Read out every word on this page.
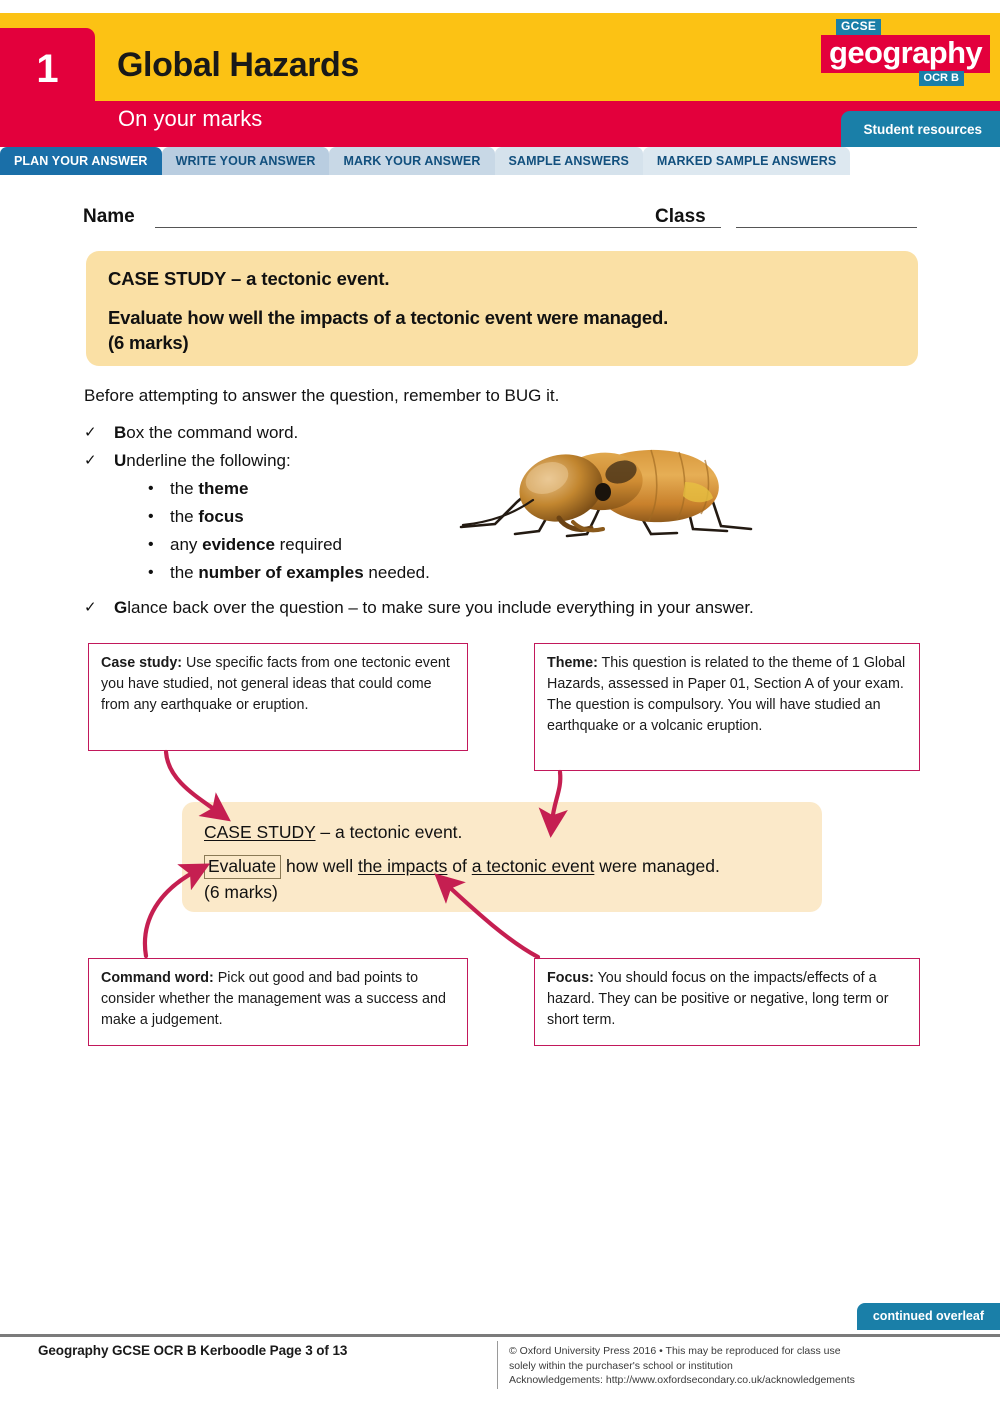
1 Global Hazards
On your marks
GCSE
geography
OCR B
Student resources
PLAN YOUR ANSWER WRITE YOUR ANSWER MARK YOUR ANSWER SAMPLE ANSWERS MARKED SAMPLE ANSWERS
Name	Class
CASE STUDY – a tectonic event.
Evaluate how well the impacts of a tectonic event were managed.
(6 marks)
Before attempting to answer the question, remember to BUG it.
✓	Box the command word.
✓	Underline the following:
• the theme
• the focus
• any evidence required
• the number of examples needed.
✓	Glance back over the question – to make sure you include everything in your answer.
Case study: Use specific facts from one tectonic event you have studied, not general ideas that could come from any earthquake or eruption.
Theme: This question is related to the theme of 1 Global Hazards, assessed in Paper 01, Section A of your exam. The question is compulsory. You will have studied an earthquake or a volcanic eruption.
Command word: Pick out good and bad points to consider whether the management was a success and make a judgement.
Focus: You should focus on the impacts/effects of a hazard. They can be positive or negative, long term or short term.
CASE STUDY – a tectonic event.
Evaluate how well the impacts of a tectonic event were managed.
(6 marks)
continued overleaf
Geography GCSE OCR B Kerboodle Page 3 of 13	© Oxford University Press 2016 • This may be reproduced for class use
solely within the purchaser's school or institution
Acknowledgements: http://www.oxfordsecondary.co.uk/acknowledgements
